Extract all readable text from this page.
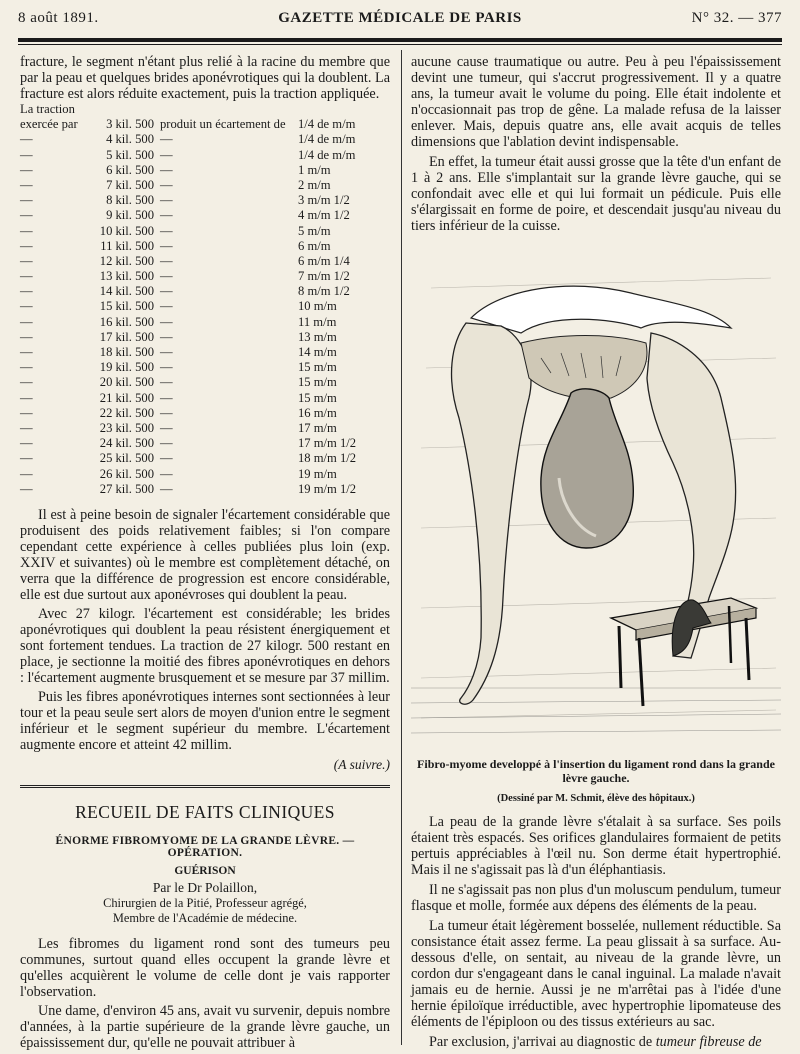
8 août 1891.	GAZETTE MÉDICALE DE PARIS	N° 32. — 377

fracture, le segment n'étant plus relié à la racine du membre que par la peau et quelques brides aponévrotiques qui la doublent. La fracture est alors réduite exactement, puis la traction appliquée.

La traction
exercée par	3 kil. 500 produit un écartement de 1/4 de m/m
—	4 kil. 500 —	1/4 de m/m
—	5 kil. 500 —	1/4 de m/m
—	6 kil. 500 —	1 m/m
—	7 kil. 500 —	2 m/m
—	8 kil. 500 —	3 m/m 1/2
—	9 kil. 500 —	4 m/m 1/2
—	10 kil. 500 —	5 m/m
—	11 kil. 500 —	6 m/m
—	12 kil. 500 —	6 m/m 1/4
—	13 kil. 500 —	7 m/m 1/2
—	14 kil. 500 —	8 m/m 1/2
—	15 kil. 500 —	10 m/m
—	16 kil. 500 —	11 m/m
—	17 kil. 500 —	13 m/m
—	18 kil. 500 —	14 m/m
—	19 kil. 500 —	15 m/m
—	20 kil. 500 —	15 m/m
—	21 kil. 500 —	15 m/m
—	22 kil. 500 —	16 m/m
—	23 kil. 500 —	17 m/m
—	24 kil. 500 —	17 m/m 1/2
—	25 kil. 500 —	18 m/m 1/2
—	26 kil. 500 —	19 m/m
—	27 kil. 500 —	19 m/m 1/2

Il est à peine besoin de signaler l'écartement considérable que produisent des poids relativement faibles; si l'on compare cependant cette expérience à celles publiées plus loin (exp. XXIV et suivantes) où le membre est complètement détaché, on verra que la différence de progression est encore considérable, elle est due surtout aux aponévroses qui doublent la peau.

Avec 27 kilogr. l'écartement est considérable; les brides aponévrotiques qui doublent la peau résistent énergiquement et sont fortement tendues. La traction de 27 kilogr. 500 restant en place, je sectionne la moitié des fibres aponévrotiques en dehors : l'écartement augmente brusquement et se mesure par 37 millim.

Puis les fibres aponévrotiques internes sont sectionnées à leur tour et la peau seule sert alors de moyen d'union entre le segment inférieur et le segment supérieur du membre. L'écartement augmente encore et atteint 42 millim.

(A suivre.)
RECUEIL DE FAITS CLINIQUES
ÉNORME FIBROMYOME DE LA GRANDE LÈVRE. — OPÉRATION.
GUÉRISON
Par le Dr Polaillon,
Chirurgien de la Pitié, Professeur agrégé,
Membre de l'Académie de médecine.

Les fibromes du ligament rond sont des tumeurs peu communes, surtout quand elles occupent la grande lèvre et qu'elles acquièrent le volume de celle dont je vais rapporter l'observation.

Une dame, d'environ 45 ans, avait vu survenir, depuis nombre d'années, à la partie supérieure de la grande lèvre gauche, un épaississement dur, qu'elle ne pouvait attribuer à

aucune cause traumatique ou autre. Peu à peu l'épaississement devint une tumeur, qui s'accrut progressivement. Il y a quatre ans, la tumeur avait le volume du poing. Elle était indolente et n'occasionnait pas trop de gêne. La malade refusa de la laisser enlever. Mais, depuis quatre ans, elle avait acquis de telles dimensions que l'ablation devint indispensable.

En effet, la tumeur était aussi grosse que la tête d'un enfant de 1 à 2 ans. Elle s'implantait sur la grande lèvre gauche, qui se confondait avec elle et qui lui formait un pédicule. Puis elle s'élargissait en forme de poire, et descendait jusqu'au niveau du tiers inférieur de la cuisse.

Fibro-myome developpé à l'insertion du ligament rond dans la grande lèvre gauche.
(Dessiné par M. Schmit, élève des hôpitaux.)

La peau de la grande lèvre s'étalait à sa surface. Ses poils étaient très espacés. Ses orifices glandulaires formaient de petits pertuis appréciables à l'œil nu. Son derme était hypertrophié. Mais il ne s'agissait pas là d'un éléphantiasis.

Il ne s'agissait pas non plus d'un moluscum pendulum, tumeur flasque et molle, formée aux dépens des éléments de la peau.

La tumeur était légèrement bosselée, nullement réductible. Sa consistance était assez ferme. La peau glissait à sa surface. Au-dessous d'elle, on sentait, au niveau de la grande lèvre, un cordon dur s'engageant dans le canal inguinal. La malade n'avait jamais eu de hernie. Aussi je ne m'arrêtai pas à l'idée d'une hernie épiloïque irréductible, avec hypertrophie lipomateuse des éléments de l'épiploon ou des tissus extérieurs au sac.

Par exclusion, j'arrivai au diagnostic de tumeur fibreuse de
